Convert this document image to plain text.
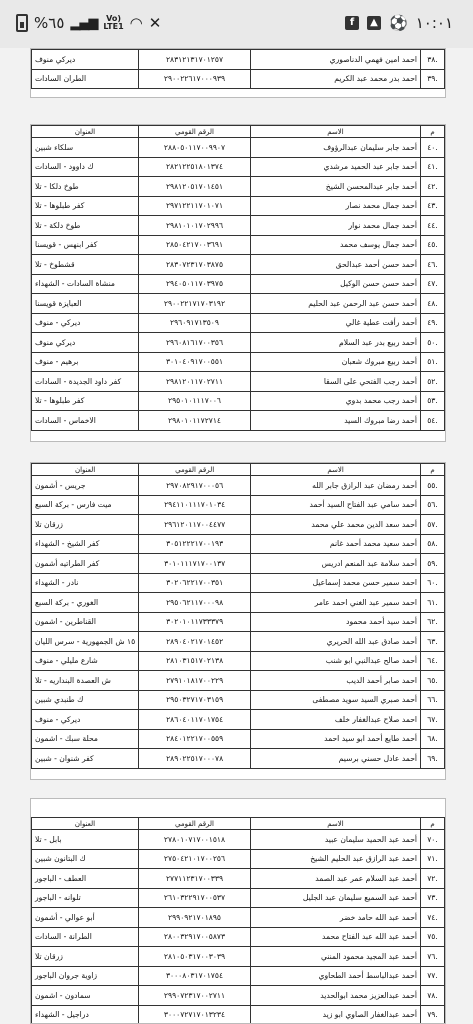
%٦٥ ▂▄▆	Vo)
LTE1 ◠ ✕	f	▲ ⚽ ١٠:٠١
.٣٨	احمد امين فهمي الدناصوري	٢٨٣١٢١٣١٧٠١٢٥٧	ديركي منوف
.٣٩	احمد بدر محمد عبد الكريم	٢٩٠٠٢٢٦١٧٠٠٠٩٣٩	الطران السادات
م	الاسم	الرقم القومي	العنوان
.٤٠	أحمد جابر سليمان عبدالرؤوف	٢٨٨٠٥٠١١٧٠٠٩٩٠٧	سلكاء شبين
.٤١	أحمد جابر عبد الحميد مرشدي	٢٨٢١٢٢٥١٨٠١٣٧٤	ك داوود - السادات
.٤٢	أحمد جابر عبدالمحسن الشيخ	٢٩٨١٢٠٥١٧٠١٤٥١	طوخ دلكا - تلا
.٤٣	أحمد جمال محمد نصار	٢٩٧١٢٢١١٧٠١٠٧١	كفر طبلوها - تلا
.٤٤	أحمد جمال محمد نوار	٢٩٨١٠١٠١٧٠٢٩٩٦	طوخ دلكة - تلا
.٤٥	أحمد جمال يوسف محمد	٢٨٥٠٤٢١٧٠٠٣٦٩١	كفر ابنهس - قويسنا
.٤٦	أحمد حسن أحمد عبدالحق	٢٨٣٠٧٢٣١٧٠٣٨٧٥	قشطوخ - تلا
.٤٧	أحمد حسن حسن الوكيل	٢٩٤٠٥٠١١٧٠٣٩٧٥	منشاة السادات - الشهداء
.٤٨	أحمد حسن عبد الرحمن عبد الحليم	٢٩٠٠٢٢١٧١٧٠٣١٩٢	العبايزة قويسنا
.٤٩	أحمد رأفت عطية غالي	٢٩٦٠٩١٧١٣٥٠٩	ديركي - منوف
.٥٠	أحمد ربيع بدر عبد السلام	٢٩٦٠٨١٦١٧٠٠٣٥٦	ديركي منوف
.٥١	أحمد ربيع مبروك شعبان	٣٠١٠٤٠٩١٧٠٠٥٥١	برهيم - منوف
.٥٢	أحمد رجب الفتحي على السقا	٢٩٨١٢٠١١٧٠٢٧١١	كفر داود الجديدة - السادات
.٥٣	أحمد رجب محمد بدوي	٢٩٥٠١٠١١١٧٠٠٦	كفر طبلوها - تلا
.٥٤	أحمد رضا مبروك السيد	٢٩٨٠١٠١١٧٢٧١٤	الاخماس - السادات
م	الاسم	الرقم القومي	العنوان
.٥٥	أحمد رمضان عبد الرازق جابر الله	٢٩٧٠٨٢٩١٧٠٠٠٥٦	جريس - أشمون
.٥٦	أحمد سامي عبد الفتاح السيد أحمد	٢٩٤١١٠١١١٧٠١٠٣٤	ميت فارس - بركة السبع
.٥٧	أحمد سعد الدين محمد علي محمد	٢٩٦١٢٠١١٧٠٠٤٤٧٧	زرقان تلا
.٥٨	أحمد سعيد محمد أحمد غانم	٣٠٥١٢٢٢١٧٠٠١٩٣	كفر الشيخ - الشهداء
.٥٩	أحمد سلامة عبد المنعم ادريس	٣٠١٠١١١٧١٧٠٠١٣٧	كفر الطراتيه أشمون
.٦٠	احمد سمير حسن محمد إسماعيل	٣٠٢٠٦٢٢١٧٠٠٣٥١	نادر - الشهداء
.٦١	احمد سمير عبد الغني احمد عامر	٢٩٥٠٦٢١١٧٠٠٠٩٨	الغوري - بركة السبع
.٦٢	أحمد سيد أحمد محمود	٣٠٢٠١٠١١٧٣٣٣٧٩	القناطرين - اشمون
.٦٣	أحمد صادق عبد الله الحريري	٢٨٩٠٤٠٢١٧٠١٤٥٢	١٥ ش الجمهورية - سرس الليان
.٦٤	أحمد صالح عبدالنبي ابو شنب	٢٨١٠٣١٥١٧٠٢١٣٨	شارع مليلي - منوف
.٦٥	احمد صابر أحمد الديب	٢٧٩١٠١٨١٧٠٠٢٢٩	ش العصدة البنداريه - تلا
.٦٦	أحمد صبري السيد سويد مصطفى	٢٩٥٠٣٢٧١٧٠٣١٥٩	ك طنبدي شبين
.٦٧	احمد صلاح عبدالغفار خلف	٢٨٦٠٤٠١١٧٠١٧٥٤	ديركي - منوف
.٦٨	أحمد طايع أحمد ابو سيد احمد	٢٨٤٠١٢٢١٧٠٠٥٥٩	محلة سبك - اشمون
.٦٩	أحمد عادل حسني برسيم	٢٨٩٠٢٢٥١٧٠٠٠٧٨	كفر شنوان - شبين
م	الاسم	الرقم القومي	العنوان
.٧٠	أحمد عبد الحميد سليمان عبيد	٢٧٨٠١٠٧١٧٠٠١٥١٨	بابل - تلا
.٧١	احمد عبد الرازق عبد الحليم الشيخ	٢٧٥٠٤٢١٠١٧٠٠٢٥٦	ك البتانون شبين
.٧٢	أحمد عبد السلام عمر عبد الصمد	٢٧٧١١٢٣١٧٠٠٣٣٩	العطف - الباجور
.٧٣	أحمد عبد السميع سليمان عبد الجليل	٢٦١٠٣٢٢٩١٧٠٠٥٣٧	تلوانه - الباجور
.٧٤	أحمد عبد الله حامد خضر	٢٩٩٠٩٢١٧٠١٨٩٥	أبو عوالي - أشمون
.٧٥	أحمد عبد الله عبد الفتاح محمد	٢٨٠٠٣٢٩١٧٠٠٥٨٧٣	الطرانة - السادات
.٧٦	أحمد عبد المجيد محمود المنني	٢٨١٠٥٠٣١٧٠٠٣٠٣٩	زرقان تلا
.٧٧	أحمد عبدالباسط أحمد الطحاوي	٣٠٠٠٨٠٣١٧٠١٧٥٤	زاوية جروان الباجور
.٧٨	أحمد عبدالعزيز محمد ابوالحديد	٢٩٩٠٧٢٣١٧٠٠٢٧١١	سمادون - اشمون
.٧٩	أحمد عبدالغفار الصاوي ابو زيد	٣٠٠٠٧٢٧١٧٠١٣٢٣٤	دراجيل - الشهداء
